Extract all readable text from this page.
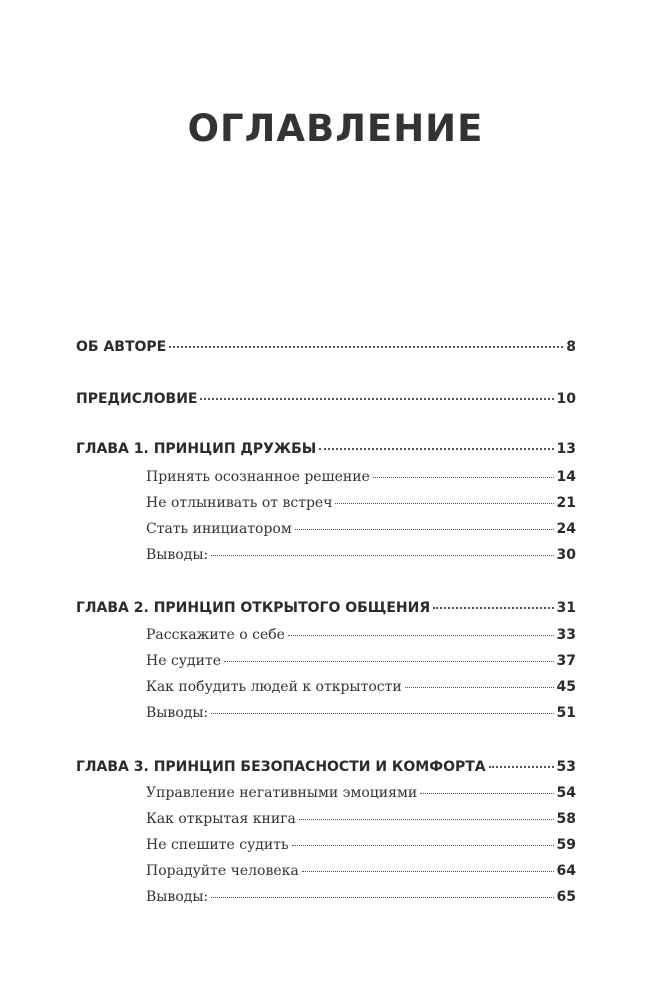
ОГЛАВЛЕНИЕ
ОБ АВТОРЕ	8
ПРЕДИСЛОВИЕ	10
ГЛАВА 1. ПРИНЦИП ДРУЖБЫ	13
Принять осознанное решение	14
Не отлынивать от встреч	21
Стать инициатором	24
Выводы:	30
ГЛАВА 2. ПРИНЦИП ОТКРЫТОГО ОБЩЕНИЯ	31
Расскажите о себе	33
Не судите	37
Как побудить людей к открытости	45
Выводы:	51
ГЛАВА 3. ПРИНЦИП БЕЗОПАСНОСТИ И КОМФОРТА	53
Управление негативными эмоциями	54
Как открытая книга	58
Не спешите судить	59
Порадуйте человека	64
Выводы:	65
